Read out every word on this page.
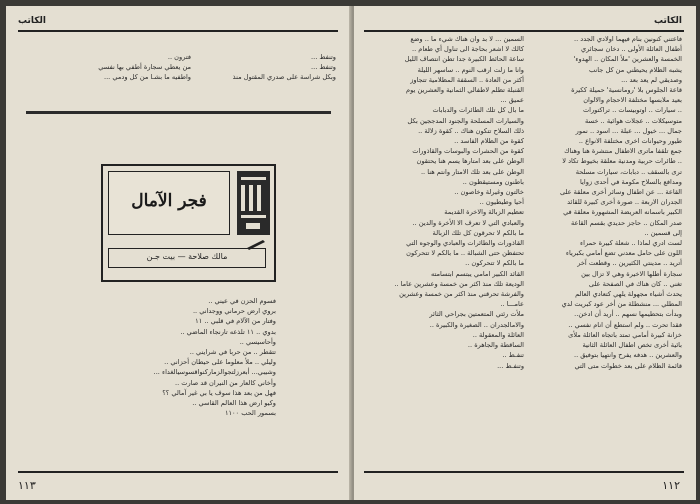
الكاتب
وتنفط ...
وتنفط ...
وبكل شراسة على صدري المقتول منذ
فترون ..
من يعطي سجارة أطفي بها نفسي
واطفيه ما بشـا من كل ودمي ...
فجر الآمال
مالك صلاحة — بيت جـن
فسوم الحزن في عيني ..
بروي ارض حرماني ووجداني ..
وفتار من الآلام في قلبي .. ١١
بدوي .. ١١ تلذعه تارنجاء الماضي ..
وأحاسيسي ..
تتقطر .. من حربا في شرايني ..
وليلي .. ملأ معلوما على حيطان أحزاني ..
وشيبي... أبعرزلتجوالزماركنواقسوسيالغداء ...
وأخاني كالعار من النيران قد صارت ..
فهل من بعد هذا سوف يا بي غير آمالي ؟؟
وكيو ارض هذا العالم القاسي ..
بسمور الحب ١١٠٠
١١٣
الكاتب
فاعتني كنونين بنام فيهما اولادي الجدد ..
أطفال العائلة الأولى .. دخان سجائري
الخمسة والعشرين 'ملأ المكان .. الهدوء'
يشبه الظلام يحيطني من كل جانب
وصديقي لم يعد بعد ...
قاعة الجلوس بلا 'رومانسية' حميلة ككيرة
بعيد ملابسها مختلفة الاحجام والالوان
.. سيارات .. اوتوبيسات .. تراكتورات
متوسيكلات .. عجلات هوائية .. خسة
جمال ... خيول ... عبلة ... اسود .. نمور
طيور وحيوانات اخرى مختلفة الانواع ..
جمع تلقفا ماترى الاطفال منتشرة هنا وهناك
.. طائرات حربية ومدنية معلقة بخيوط تكاد لا
ترى بالسقف .. دبابات، سيارات مسلحة
ومدافع بالسلاح مكومة في أحدى زوايا
القاعة ... عن اطفال وسائر أخرى معلقة على
الجدران الاربعة .. صورة أخرى كبيرة للقائد
الكبير باسمانه العريضة المشهورة معلقة في
صدر المكان .. حاجز حديدي بقسم القاعة
إلى قسمين ..
لست ادري لماذا .. شعلة كبيرة حمراء
اللون على حامل معدني تضع أمامي بكبرياء
أتريد .. مدينتي الكثيرين .. وقطعت آخر
سجارة أطلها الاخيرة وهي لا تزال بين
تغني .. كان هناك في الصفحة على
يحدث أشياء مجهولة يلهي كتعادي العالم
المطلي ... منشطلة من أخر عود كبريت لدي
وبدأت بتحطيمها نسهم .. أريد أن ادخن..
فقدا تحرت .. ولم استطع أن انام نفسي ..
خزانة كبيرة أمامي تمتد باتجاه العائلة ملأى
بائية أخرى تخص اطفال العائلة الثانية
والعشرين .. هدفه يفرح وانتهيا بتوفيق ..
قائمة الظلام على بعد خطوات متى التي
السمين ... لا بد وان هناك شيء ما .. وضع
كالك لا اشعر بحاجة الى تناول أي طعام ..
ساعة الحائط الكبيرة جدا تطن انتصاف الليل
وانا ما زلت ارقب النوم .. ساسهر الليلة
أكثر من العادة .. السقفة المظلامية تتجاوز
القنبلة تظلم لاطفالي الثمانية والعشرين يوم
عميق ...
ما بال كل تلك الطائرات والدبابات
والسيارات المسلحة والجنود المدججين بكل
ذلك السلاح تتكون هناك .. كقوة زلالة ..
كقوة من الظلام الفاسد ..
كقوة من الحشرات والبوسات والقاذورات
الوطن على بعد امتارها يسم هنا يحتقون
الوطن على بعد تلك الامتار وانتم هنا ..
باطنون ومستيقظون ..
خالتون وغيرلة وخاصون ..
أحيا وطيطيون ..
تعظيم الزبالة والاخرة القديمة
والعبادي التي لا تعرف الا الأخرة والدين ..
ما بالكم لا تحرقون كل تلك الزبالة
القاذورات والطائرات والعبادي والوجوه التي
تحتفظن حتى الشبالة .. ما بالكم لا تتحركون
ما بالكم لا تتحركون ..
القائد الكبير امامي يبتسم ابتسامته
الوديعة تلك منذ اكثر من خمسة وعشرين عاما ..
والفرشة تحرقني منذ اكثر من خمسة وعشرين
عامـــا ..
ملأت رئتي المتعمتين بجراحي الثائر
والامالجدران .. الصغيرة والكبيرة ..
العائلة والمعقولة ..
الساقطة والجاهرة ..
تنفـط ..
وتنفـط ...
١١٢
